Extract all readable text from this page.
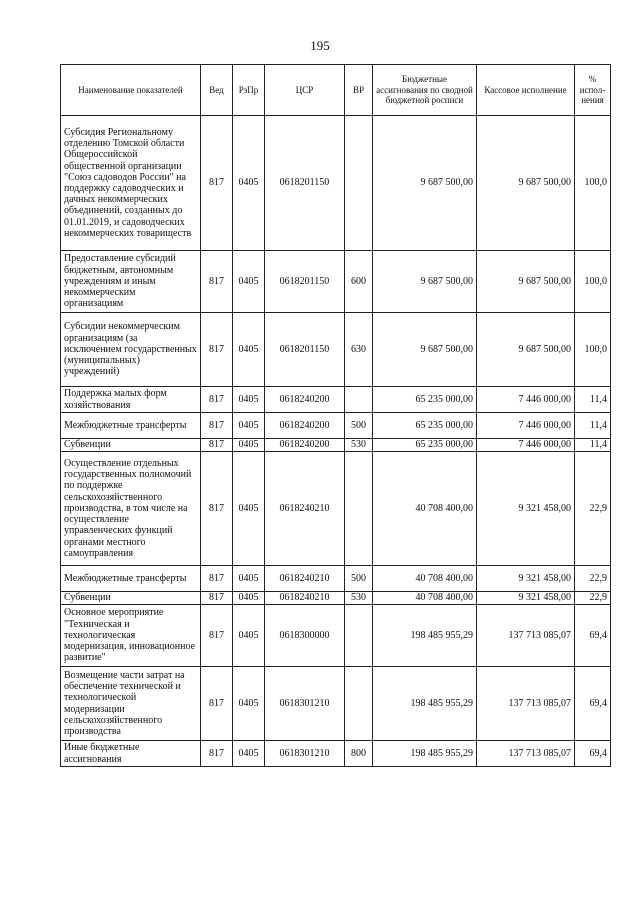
195
Наименование показателей	Вед	РзПр	ЦСР	ВР	Бюджетные ассигнования по сводной бюджетной росписи	Кассовое исполнение	% испол- нения
Субсидия Региональному отделению Томской области Общероссийской общественной организации "Союз садоводов России" на поддержку садоводческих и дачных некоммерческих объединений, созданных до 01.01.2019, и садоводческих некоммерческих товариществ	817	0405	0618201150		9 687 500,00	9 687 500,00	100,0
Предоставление субсидий бюджетным, автономным учреждениям и иным некоммерческим организациям	817	0405	0618201150	600	9 687 500,00	9 687 500,00	100,0
Субсидии некоммерческим организациям (за исключением государственных (муниципальных) учреждений)	817	0405	0618201150	630	9 687 500,00	9 687 500,00	100,0
Поддержка малых форм хозяйствования	817	0405	0618240200		65 235 000,00	7 446 000,00	11,4
Межбюджетные трансферты	817	0405	0618240200	500	65 235 000,00	7 446 000,00	11,4
Субвенции	817	0405	0618240200	530	65 235 000,00	7 446 000,00	11,4
Осуществление отдельных государственных полномочий по поддержке сельскохозяйственного производства, в том числе на осуществление управленческих функций органами местного самоуправления	817	0405	0618240210		40 708 400,00	9 321 458,00	22,9
Межбюджетные трансферты	817	0405	0618240210	500	40 708 400,00	9 321 458,00	22,9
Субвенции	817	0405	0618240210	530	40 708 400,00	9 321 458,00	22,9
Основное мероприятие "Техническая и технологическая модернизация, инновационное развитие"	817	0405	0618300000		198 485 955,29	137 713 085,07	69,4
Возмещение части затрат на обеспечение технической и технологической модернизации сельскохозяйственного производства	817	0405	0618301210		198 485 955,29	137 713 085,07	69,4
Иные бюджетные ассигнования	817	0405	0618301210	800	198 485 955,29	137 713 085,07	69,4
